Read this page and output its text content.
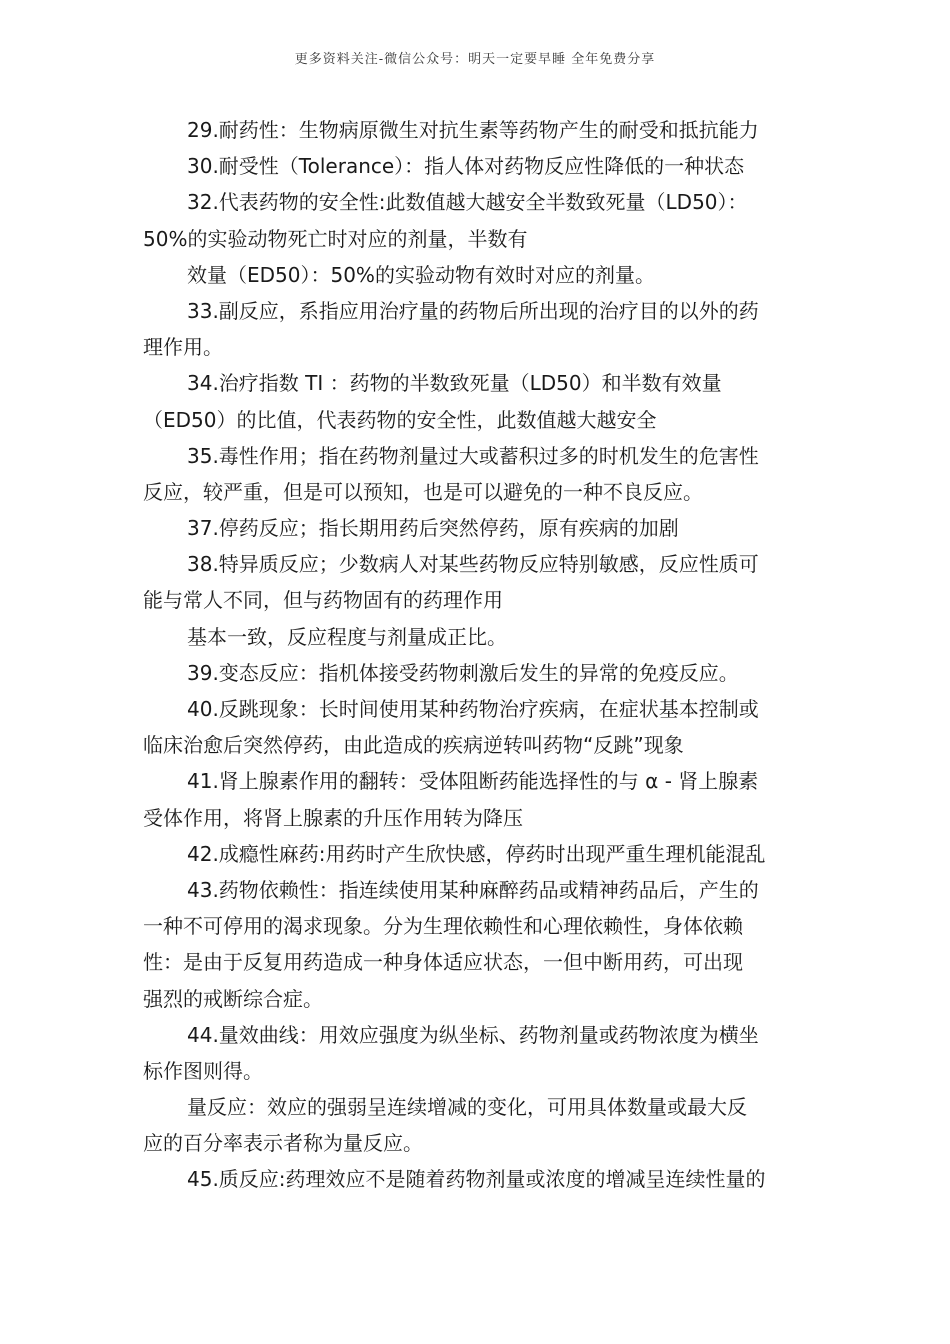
更多资料关注-微信公众号：明天一定要早睡 全年免费分享
29.耐药性：生物病原微生对抗生素等药物产生的耐受和抵抗能力
30.耐受性（Tolerance）：指人体对药物反应性降低的一种状态
32.代表药物的安全性:此数值越大越安全半数致死量（LD50）：
50%的实验动物死亡时对应的剂量，半数有
效量（ED50）：50%的实验动物有效时对应的剂量。
33.副反应，系指应用治疗量的药物后所出现的治疗目的以外的药
理作用。
34.治疗指数 TI ：药物的半数致死量（LD50）和半数有效量
（ED50）的比值，代表药物的安全性，此数值越大越安全
35.毒性作用；指在药物剂量过大或蓄积过多的时机发生的危害性
反应，较严重，但是可以预知，也是可以避免的一种不良反应。
37.停药反应；指长期用药后突然停药，原有疾病的加剧
38.特异质反应；少数病人对某些药物反应特别敏感，反应性质可
能与常人不同，但与药物固有的药理作用
基本一致，反应程度与剂量成正比。
39.变态反应：指机体接受药物刺激后发生的异常的免疫反应。
40.反跳现象：长时间使用某种药物治疗疾病，在症状基本控制或
临床治愈后突然停药，由此造成的疾病逆转叫药物“反跳”现象
41.肾上腺素作用的翻转：受体阻断药能选择性的与 α - 肾上腺素
受体作用，将肾上腺素的升压作用转为降压
42.成瘾性麻药:用药时产生欣快感，停药时出现严重生理机能混乱
43.药物依赖性：指连续使用某种麻醉药品或精神药品后，产生的
一种不可停用的渴求现象。分为生理依赖性和心理依赖性，身体依赖
性：是由于反复用药造成一种身体适应状态，一但中断用药，可出现
强烈的戒断综合症。
44.量效曲线：用效应强度为纵坐标、药物剂量或药物浓度为横坐
标作图则得。
量反应：效应的强弱呈连续增减的变化，可用具体数量或最大反
应的百分率表示者称为量反应。
45.质反应:药理效应不是随着药物剂量或浓度的增减呈连续性量的
